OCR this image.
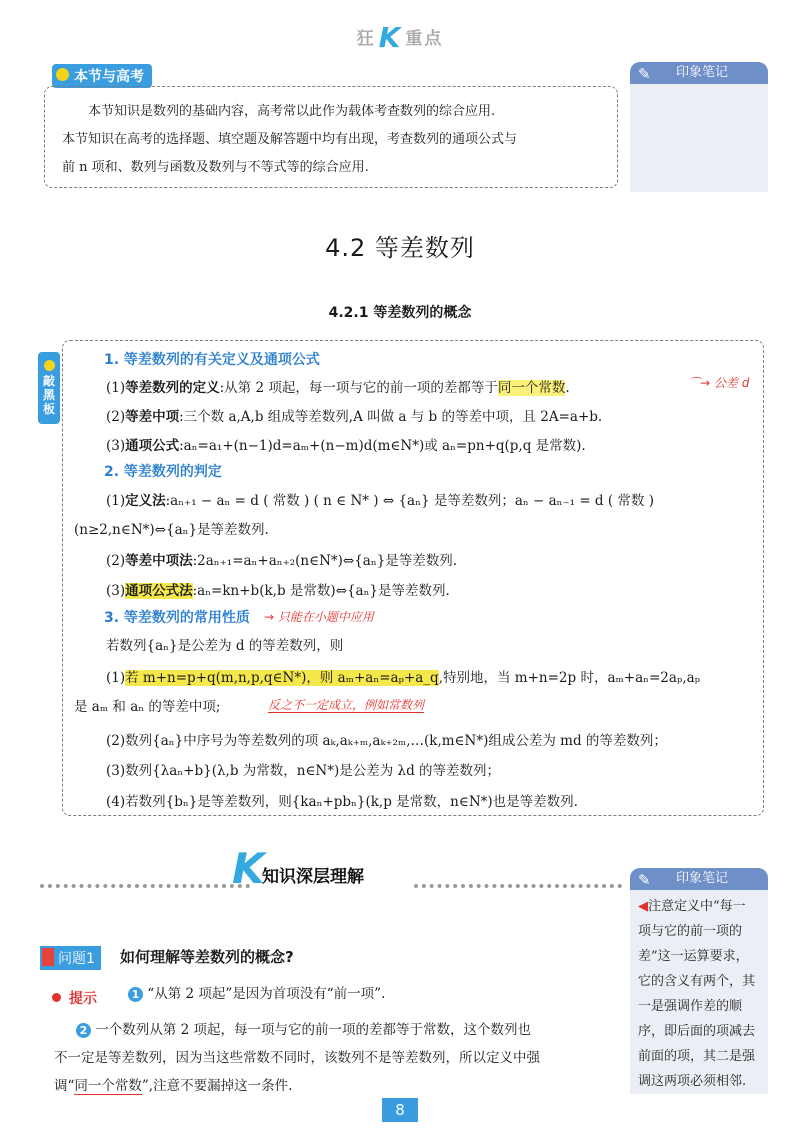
狂 K 重点
本节与高考
本节知识是数列的基础内容，高考常以此作为载体考查数列的综合应用.
本节知识在高考的选择题、填空题及解答题中均有出现，考查数列的通项公式与
前 n 项和、数列与函数及数列与不等式等的综合应用.
✎ 印象笔记
4.2 等差数列
4.2.1 等差数列的概念
敲黑板
1. 等差数列的有关定义及通项公式
(1)等差数列的定义:从第 2 项起，每一项与它的前一项的差都等于同一个常数.	⌒→ 公差 d
(2)等差中项:三个数 a,A,b 组成等差数列,A 叫做 a 与 b 的等差中项，且 2A=a+b.
(3)通项公式:aₙ=a₁+(n−1)d=aₘ+(n−m)d(m∈N*)或 aₙ=pn+q(p,q 是常数).
2. 等差数列的判定
(1)定义法:aₙ₊₁ − aₙ = d ( 常数 ) ( n ∈ N* ) ⇔ {aₙ} 是等差数列；aₙ − aₙ₋₁ = d ( 常数 )
(n≥2,n∈N*)⇔{aₙ}是等差数列.
(2)等差中项法:2aₙ₊₁=aₙ+aₙ₊₂(n∈N*)⇔{aₙ}是等差数列.
(3)通项公式法:aₙ=kn+b(k,b 是常数)⇔{aₙ}是等差数列.
3. 等差数列的常用性质 → 只能在小题中应用
若数列{aₙ}是公差为 d 的等差数列，则
(1)若 m+n=p+q(m,n,p,q∈N*)，则 aₘ+aₙ=aₚ+a_q,特别地，当 m+n=2p 时，aₘ+aₙ=2aₚ,aₚ
是 aₘ 和 aₙ 的等差中项;	反之不一定成立，例如常数列
(2)数列{aₙ}中序号为等差数列的项 aₖ,aₖ₊ₘ,aₖ₊₂ₘ,…(k,m∈N*)组成公差为 md 的等差数列；
(3)数列{λaₙ+b}(λ,b 为常数，n∈N*)是公差为 λd 的等差数列；
(4)若数列{bₙ}是等差数列，则{kaₙ+pbₙ}(k,p 是常数，n∈N*)也是等差数列.
K
知识深层理解	✎ 印象笔记
◀注意定义中“每一
项与它的前一项的
差”这一运算要求，
它的含义有两个，其
一是强调作差的顺
序，即后面的项减去
前面的项，其二是强
调这两项必须相邻.
问题1	如何理解等差数列的概念?
提示	1 “从第 2 项起”是因为首项没有“前一项”.
2 一个数列从第 2 项起，每一项与它的前一项的差都等于常数，这个数列也
不一定是等差数列，因为当这些常数不同时，该数列不是等差数列，所以定义中强
调“同一个常数”,注意不要漏掉这一条件.
8
